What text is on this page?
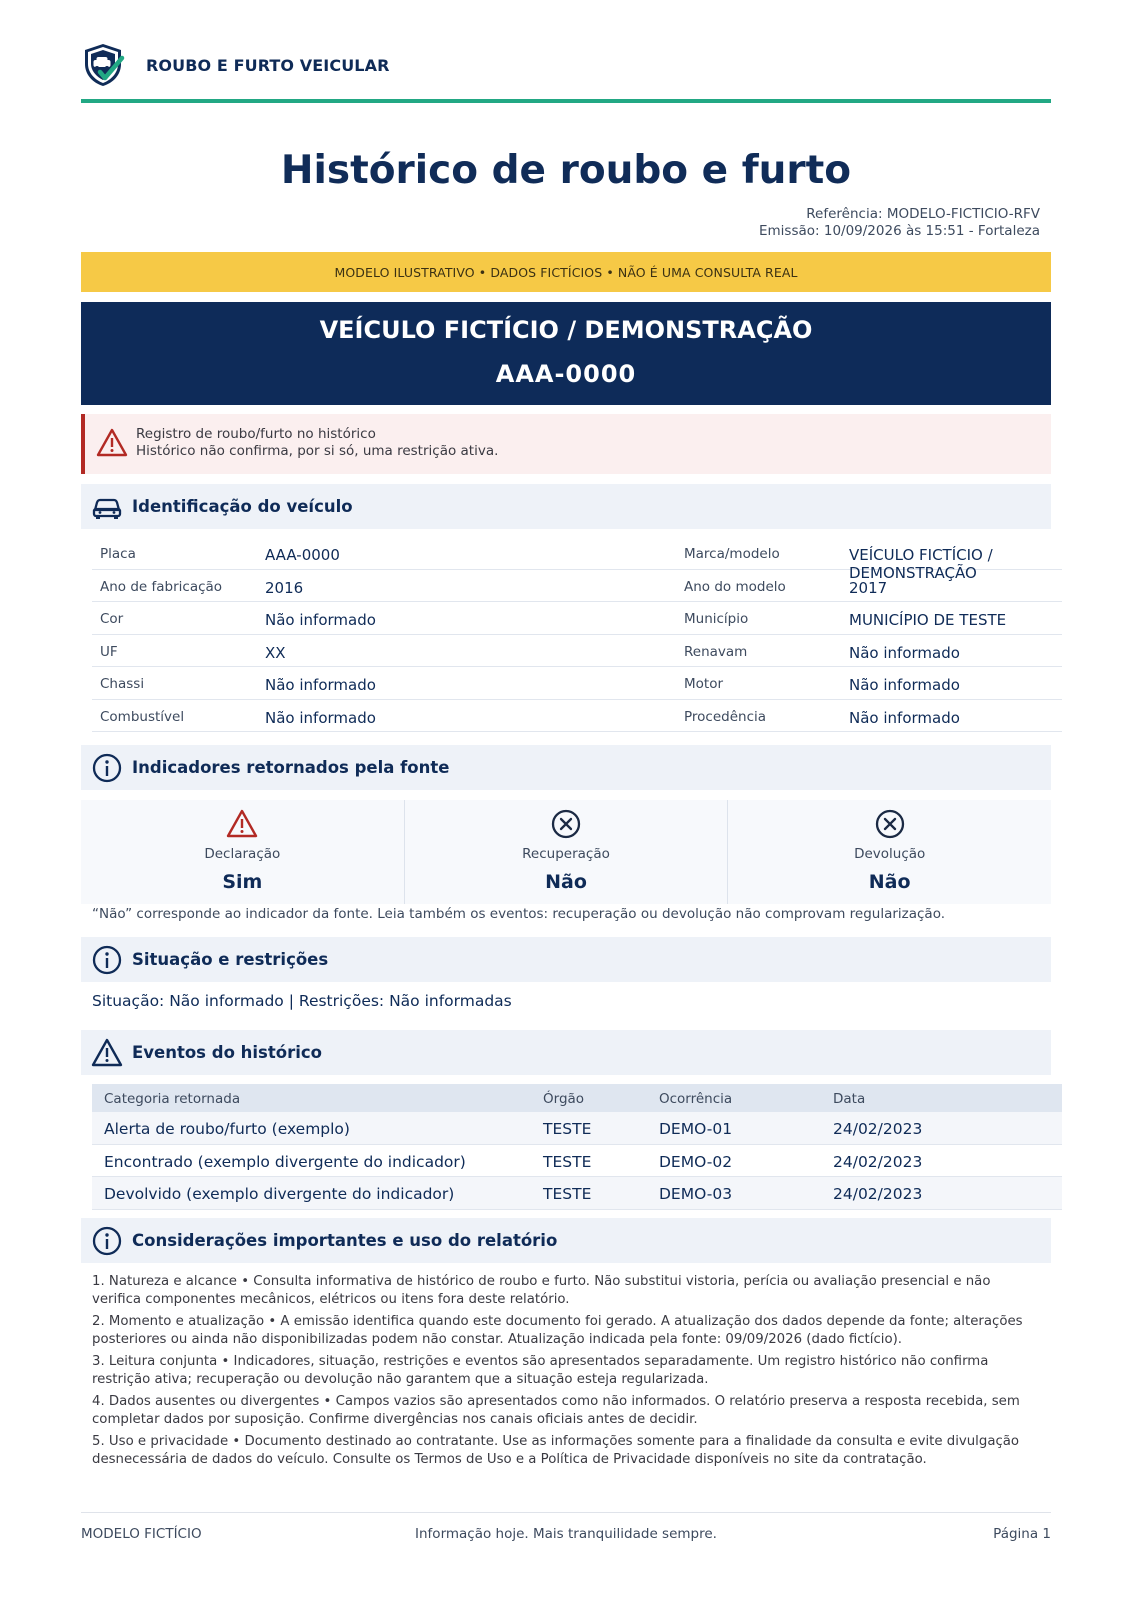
ROUBO E FURTO VEICULAR
Histórico de roubo e furto
Referência: MODELO-FICTICIO-RFV
Emissão: 10/09/2026 às 15:51 - Fortaleza
MODELO ILUSTRATIVO • DADOS FICTÍCIOS • NÃO É UMA CONSULTA REAL
VEÍCULO FICTÍCIO / DEMONSTRAÇÃO
AAA-0000
Registro de roubo/furto no histórico
Histórico não confirma, por si só, uma restrição ativa.
Identificação do veículo
Placa	AAA-0000	Marca/modelo	VEÍCULO FICTÍCIO / DEMONSTRAÇÃO
Ano de fabricação	2016	Ano do modelo	2017
Cor	Não informado	Município	MUNICÍPIO DE TESTE
UF	XX	Renavam	Não informado
Chassi	Não informado	Motor	Não informado
Combustível	Não informado	Procedência	Não informado
Indicadores retornados pela fonte
Declaração
Sim
Recuperação
Não
Devolução
Não
“Não” corresponde ao indicador da fonte. Leia também os eventos: recuperação ou devolução não comprovam regularização.
Situação e restrições
Situação: Não informado | Restrições: Não informadas
Eventos do histórico
Categoria retornada	Órgão	Ocorrência	Data
Alerta de roubo/furto (exemplo)	TESTE	DEMO-01	24/02/2023
Encontrado (exemplo divergente do indicador)	TESTE	DEMO-02	24/02/2023
Devolvido (exemplo divergente do indicador)	TESTE	DEMO-03	24/02/2023
Considerações importantes e uso do relatório

1. Natureza e alcance • Consulta informativa de histórico de roubo e furto. Não substitui vistoria, perícia ou avaliação presencial e não verifica componentes mecânicos, elétricos ou itens fora deste relatório.

2. Momento e atualização • A emissão identifica quando este documento foi gerado. A atualização dos dados depende da fonte; alterações posteriores ou ainda não disponibilizadas podem não constar. Atualização indicada pela fonte: 09/09/2026 (dado fictício).

3. Leitura conjunta • Indicadores, situação, restrições e eventos são apresentados separadamente. Um registro histórico não confirma restrição ativa; recuperação ou devolução não garantem que a situação esteja regularizada.

4. Dados ausentes ou divergentes • Campos vazios são apresentados como não informados. O relatório preserva a resposta recebida, sem completar dados por suposição. Confirme divergências nos canais oficiais antes de decidir.

5. Uso e privacidade • Documento destinado ao contratante. Use as informações somente para a finalidade da consulta e evite divulgação desnecessária de dados do veículo. Consulte os Termos de Uso e a Política de Privacidade disponíveis no site da contratação.

MODELO FICTÍCIO	Informação hoje. Mais tranquilidade sempre.	Página 1
